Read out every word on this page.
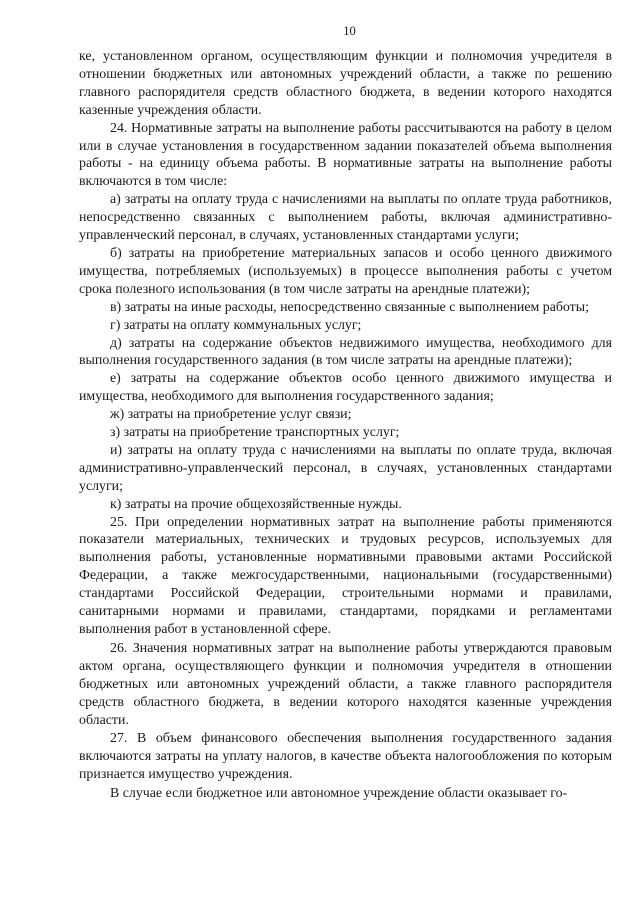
10

ке, установленном органом, осуществляющим функции и полномочия учредителя в отношении бюджетных или автономных учреждений области, а также по решению главного распорядителя средств областного бюджета, в ведении которого находятся казенные учреждения области.

24. Нормативные затраты на выполнение работы рассчитываются на работу в целом или в случае установления в государственном задании показателей объема выполнения работы - на единицу объема работы. В нормативные затраты на выполнение работы включаются в том числе:

а) затраты на оплату труда с начислениями на выплаты по оплате труда работников, непосредственно связанных с выполнением работы, включая административно-управленческий персонал, в случаях, установленных стандартами услуги;

б) затраты на приобретение материальных запасов и особо ценного движимого имущества, потребляемых (используемых) в процессе выполнения работы с учетом срока полезного использования (в том числе затраты на арендные платежи);

в) затраты на иные расходы, непосредственно связанные с выполнением работы;

г) затраты на оплату коммунальных услуг;

д) затраты на содержание объектов недвижимого имущества, необходимого для выполнения государственного задания (в том числе затраты на арендные платежи);

е) затраты на содержание объектов особо ценного движимого имущества и имущества, необходимого для выполнения государственного задания;

ж) затраты на приобретение услуг связи;

з) затраты на приобретение транспортных услуг;

и) затраты на оплату труда с начислениями на выплаты по оплате труда, включая административно-управленческий персонал, в случаях, установленных стандартами услуги;

к) затраты на прочие общехозяйственные нужды.

25. При определении нормативных затрат на выполнение работы применяются показатели материальных, технических и трудовых ресурсов, используемых для выполнения работы, установленные нормативными правовыми актами Российской Федерации, а также межгосударственными, национальными (государственными) стандартами Российской Федерации, строительными нормами и правилами, санитарными нормами и правилами, стандартами, порядками и регламентами выполнения работ в установленной сфере.

26. Значения нормативных затрат на выполнение работы утверждаются правовым актом органа, осуществляющего функции и полномочия учредителя в отношении бюджетных или автономных учреждений области, а также главного распорядителя средств областного бюджета, в ведении которого находятся казенные учреждения области.

27. В объем финансового обеспечения выполнения государственного задания включаются затраты на уплату налогов, в качестве объекта налогообложения по которым признается имущество учреждения.

В случае если бюджетное или автономное учреждение области оказывает го-
